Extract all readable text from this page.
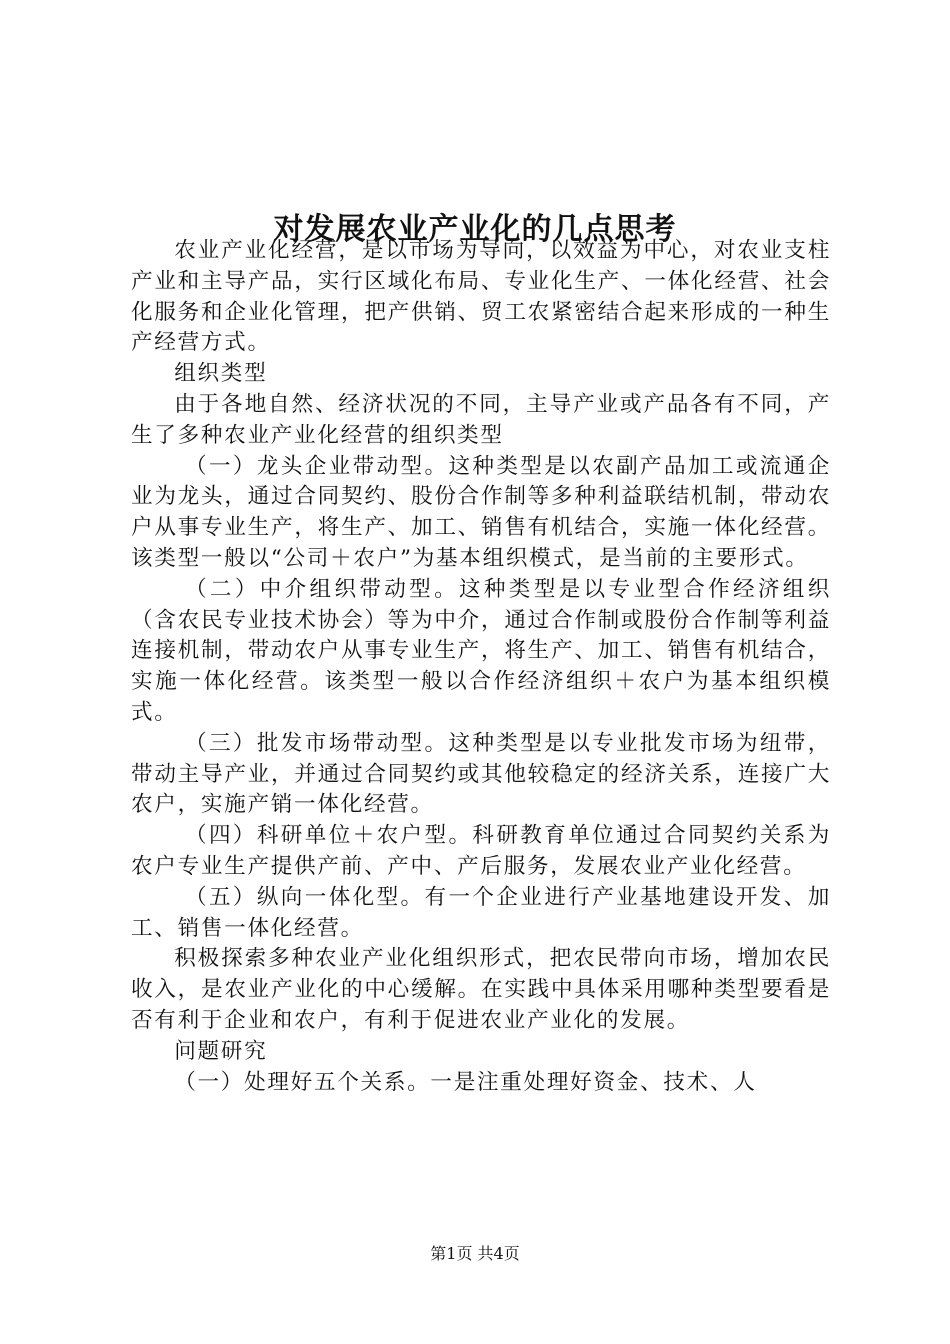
对发展农业产业化的几点思考

农业产业化经营，是以市场为导向，以效益为中心，对农业支柱产业和主导产品，实行区域化布局、专业化生产、一体化经营、社会化服务和企业化管理，把产供销、贸工农紧密结合起来形成的一种生产经营方式。

组织类型

由于各地自然、经济状况的不同，主导产业或产品各有不同，产生了多种农业产业化经营的组织类型

（一）龙头企业带动型。这种类型是以农副产品加工或流通企业为龙头，通过合同契约、股份合作制等多种利益联结机制，带动农户从事专业生产，将生产、加工、销售有机结合，实施一体化经营。该类型一般以“公司＋农户”为基本组织模式，是当前的主要形式。

（二）中介组织带动型。这种类型是以专业型合作经济组织（含农民专业技术协会）等为中介，通过合作制或股份合作制等利益连接机制，带动农户从事专业生产，将生产、加工、销售有机结合，实施一体化经营。该类型一般以合作经济组织＋农户为基本组织模式。

（三）批发市场带动型。这种类型是以专业批发市场为纽带，带动主导产业，并通过合同契约或其他较稳定的经济关系，连接广大农户，实施产销一体化经营。

（四）科研单位＋农户型。科研教育单位通过合同契约关系为农户专业生产提供产前、产中、产后服务，发展农业产业化经营。

（五）纵向一体化型。有一个企业进行产业基地建设开发、加工、销售一体化经营。

积极探索多种农业产业化组织形式，把农民带向市场，增加农民收入，是农业产业化的中心缓解。在实践中具体采用哪种类型要看是否有利于企业和农户，有利于促进农业产业化的发展。

问题研究

（一）处理好五个关系。一是注重处理好资金、技术、人

第1页 共4页
